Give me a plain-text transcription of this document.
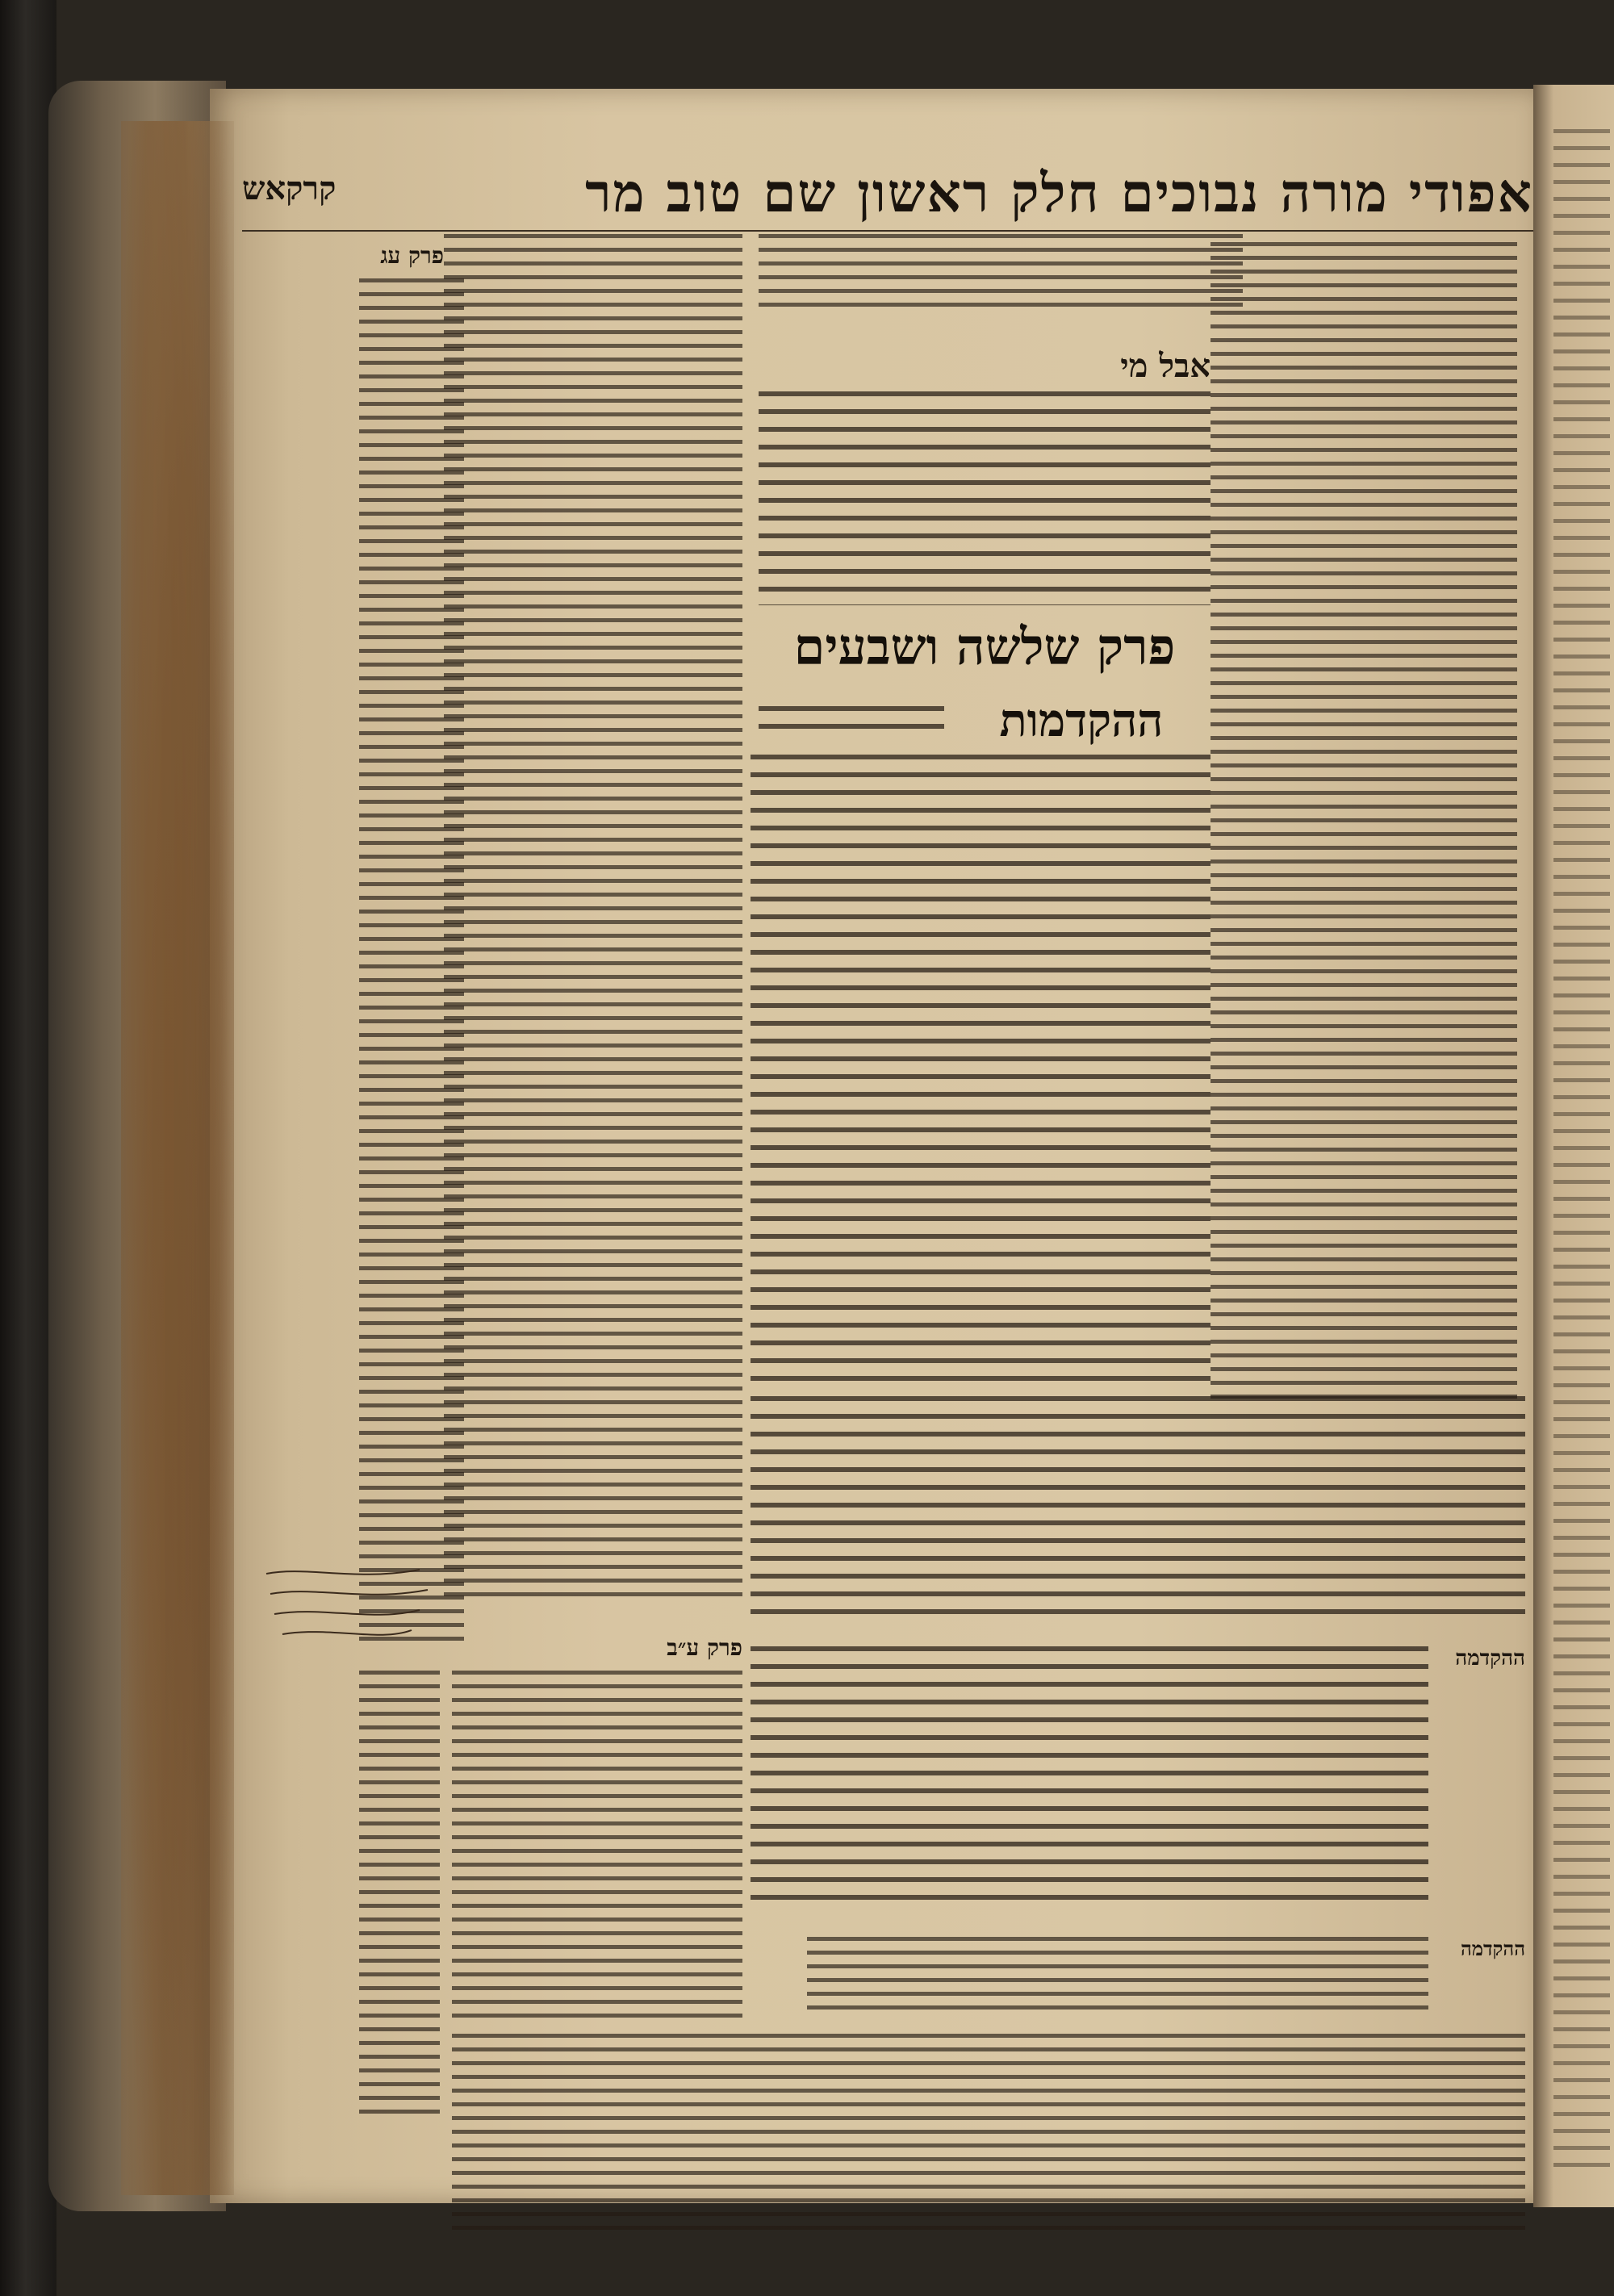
אפודי מורה נבוכים חלק ראשון שם טוב מר
קרקאש
פרק עג
אבל מי
פרק שלשה ושבעים
ההקדמות
ההקדמה
פרק ע״ב
ההקדמה
